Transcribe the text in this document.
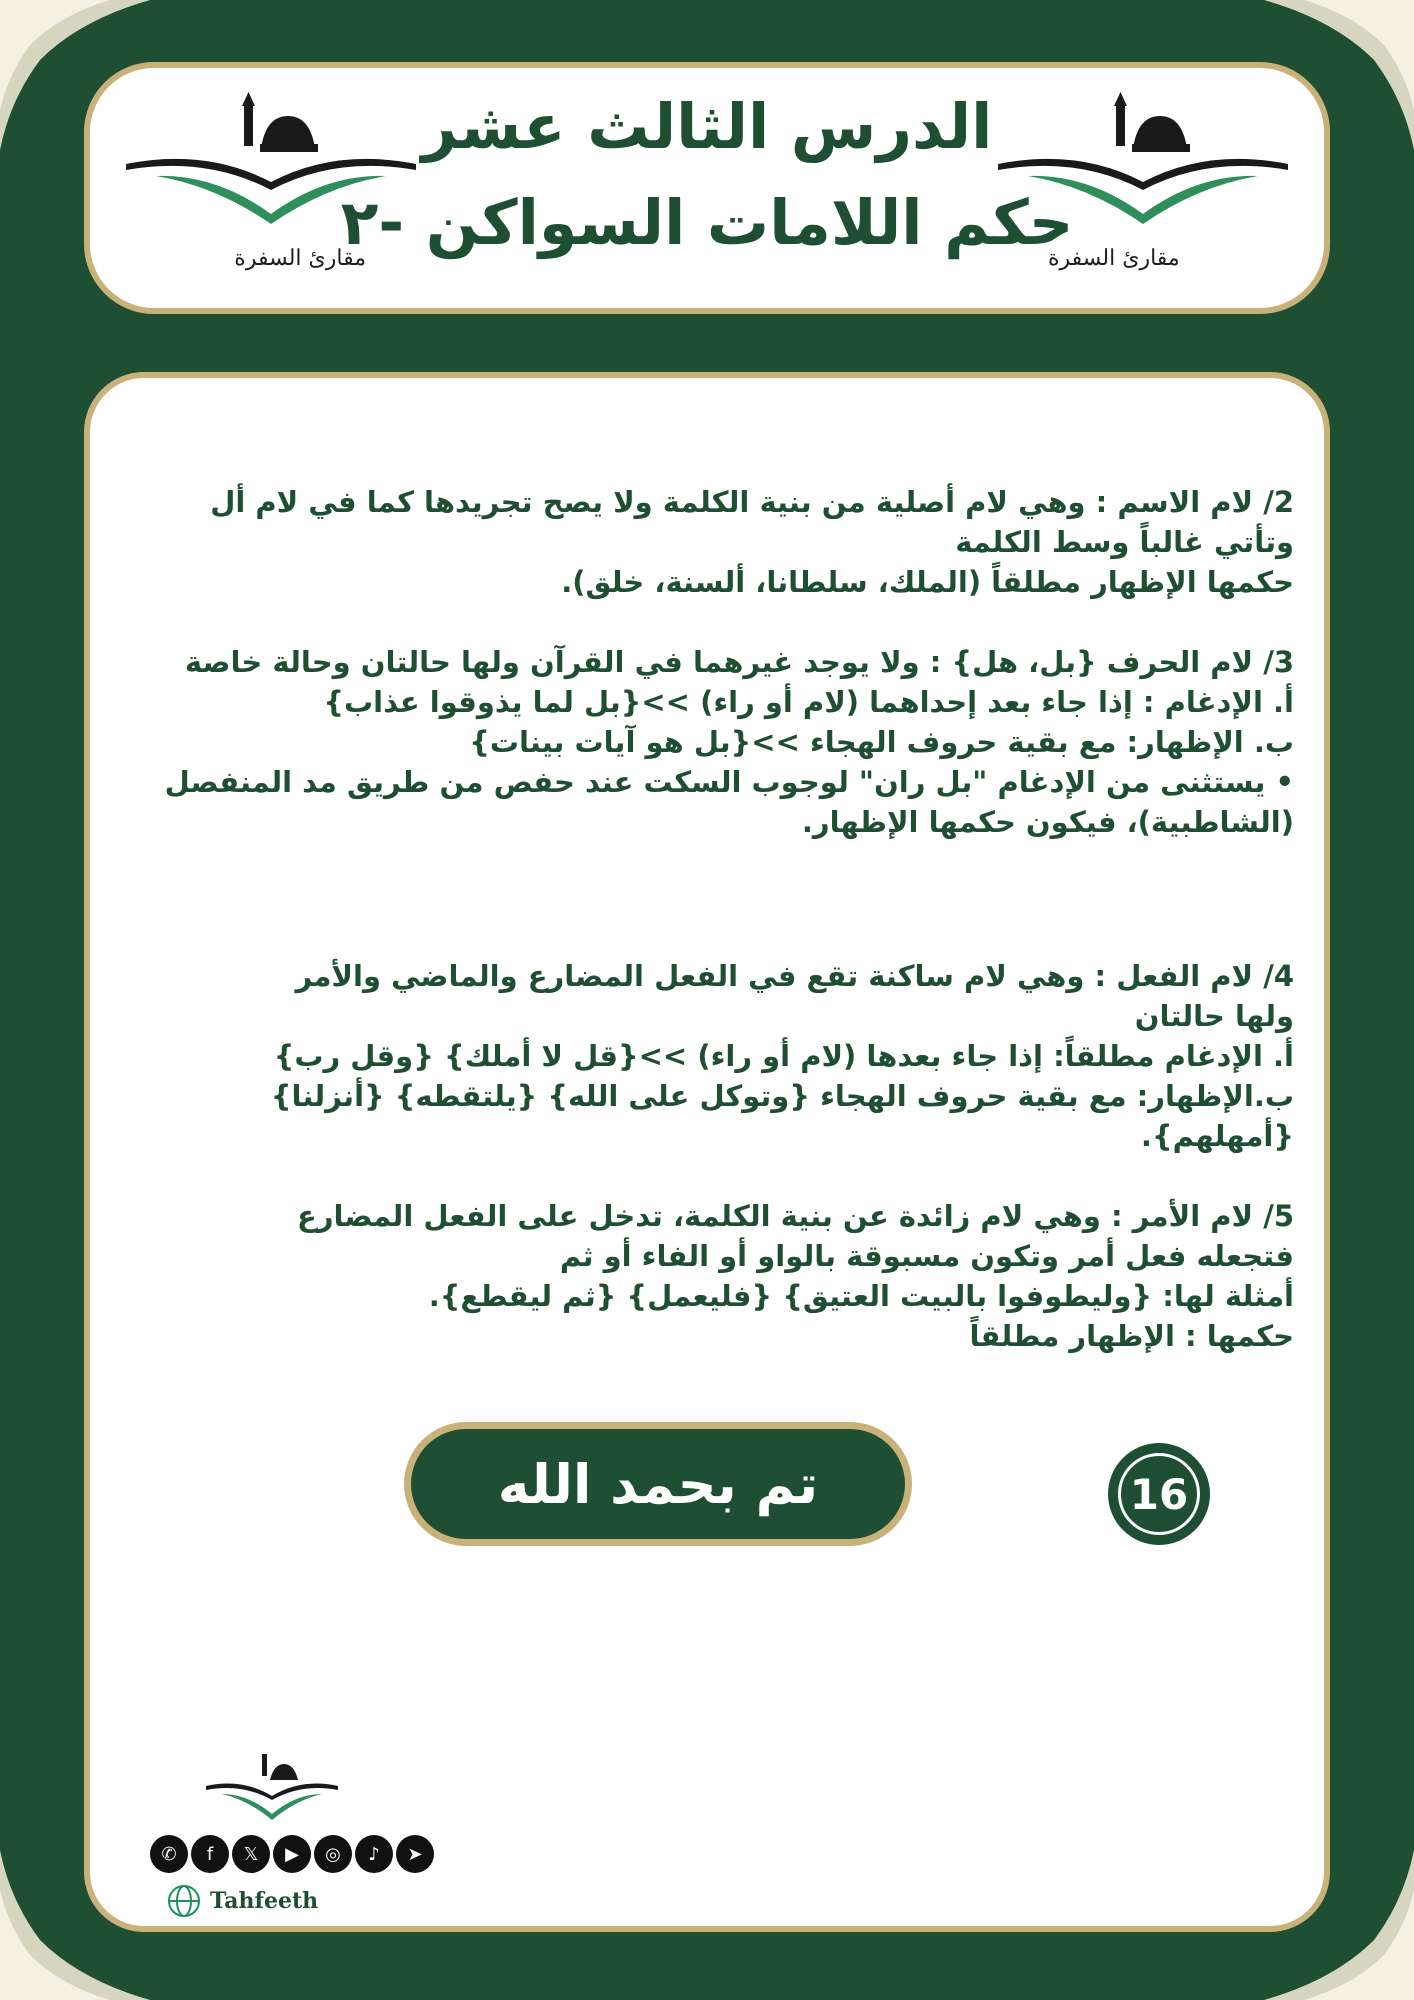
مقارئ السفرة
مقارئ السفرة
الدرس الثالث عشر
حكم اللامات السواكن -٢

2/ لام الاسم : وهي لام أصلية من بنية الكلمة ولا يصح تجريدها كما في لام أل

وتأتي غالباً وسط الكلمة

حكمها الإظهار مطلقاً (الملك، سلطانا، ألسنة، خلق).

3/ لام الحرف {بل، هل} : ولا يوجد غيرهما في القرآن ولها حالتان وحالة خاصة

أ. الإدغام : إذا جاء بعد إحداهما (لام أو راء) >>{بل لما يذوقوا عذاب}

ب. الإظهار: مع بقية حروف الهجاء >>{بل هو آيات بينات}

• يستثنى من الإدغام "بل ران" لوجوب السكت عند حفص من طريق مد المنفصل

(الشاطبية)، فيكون حكمها الإظهار.

4/ لام الفعل : وهي لام ساكنة تقع في الفعل المضارع والماضي والأمر

ولها حالتان

أ. الإدغام مطلقاً: إذا جاء بعدها (لام أو راء) >>{قل لا أملك} {وقل رب}

ب.الإظهار: مع بقية حروف الهجاء {وتوكل على الله} {يلتقطه} {أنزلنا}

{أمهلهم}.

5/ لام الأمر : وهي لام زائدة عن بنية الكلمة، تدخل على الفعل المضارع

فتجعله فعل أمر وتكون مسبوقة بالواو أو الفاء أو ثم

أمثلة لها: {وليطوفوا بالبيت العتيق} {فليعمل} {ثم ليقطع}.

حكمها : الإظهار مطلقاً

✆	f	𝕏	▶	◎	♪	➤
Tahfeeth
تم بحمد الله	16
